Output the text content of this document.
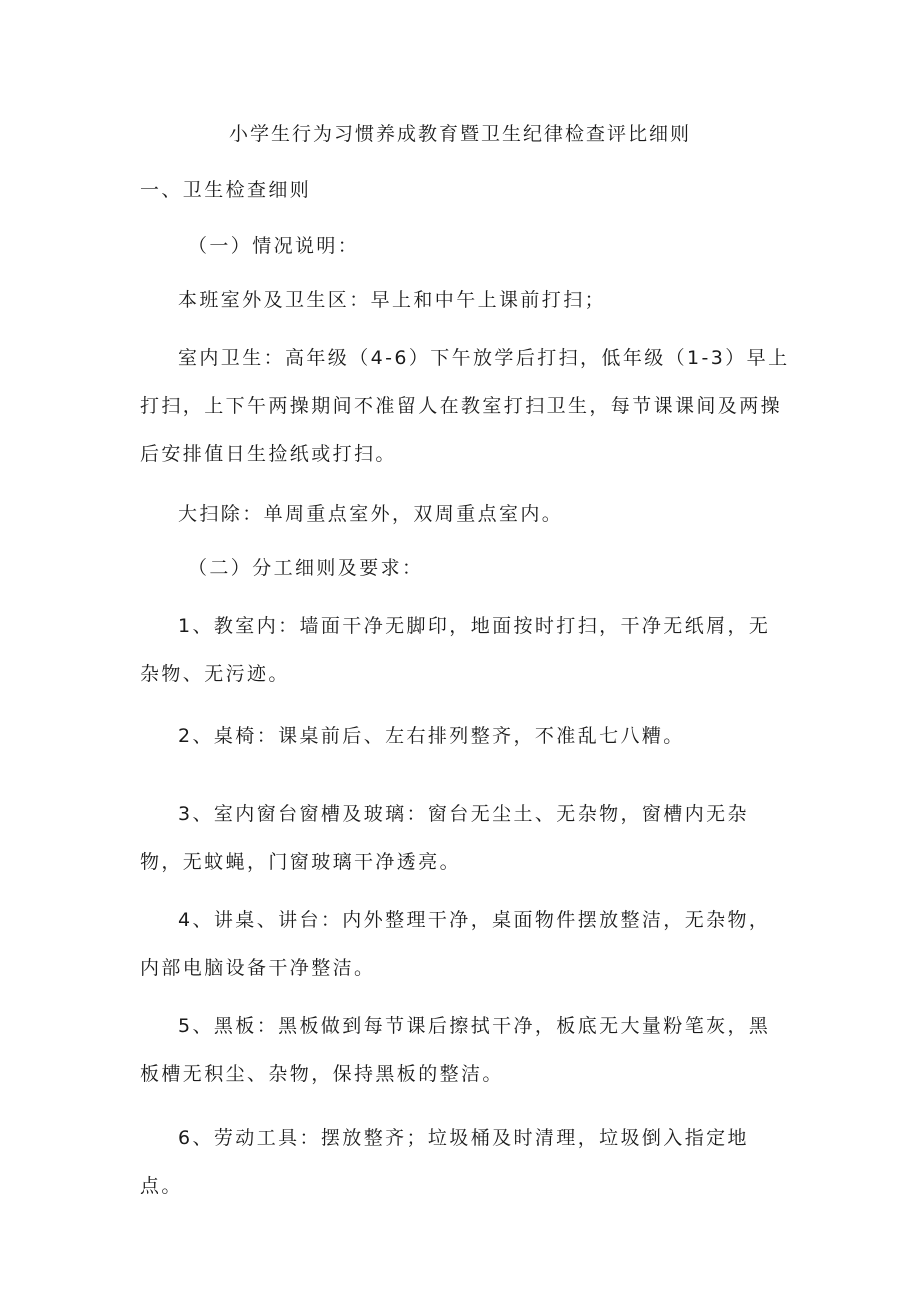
小学生行为习惯养成教育暨卫生纪律检查评比细则

一、卫生检查细则

（一）情况说明：

本班室外及卫生区：早上和中午上课前打扫；

室内卫生：高年级（4-6）下午放学后打扫，低年级（1-3）早上打扫，上下午两操期间不准留人在教室打扫卫生，每节课课间及两操后安排值日生捡纸或打扫。

大扫除：单周重点室外，双周重点室内。

（二）分工细则及要求：

1、教室内：墙面干净无脚印，地面按时打扫，干净无纸屑，无杂物、无污迹。

2、桌椅：课桌前后、左右排列整齐，不准乱七八糟。

3、室内窗台窗槽及玻璃：窗台无尘土、无杂物，窗槽内无杂物，无蚊蝇，门窗玻璃干净透亮。

4、讲桌、讲台：内外整理干净，桌面物件摆放整洁，无杂物，内部电脑设备干净整洁。

5、黑板：黑板做到每节课后擦拭干净，板底无大量粉笔灰，黑板槽无积尘、杂物，保持黑板的整洁。

6、劳动工具：摆放整齐；垃圾桶及时清理，垃圾倒入指定地点。
